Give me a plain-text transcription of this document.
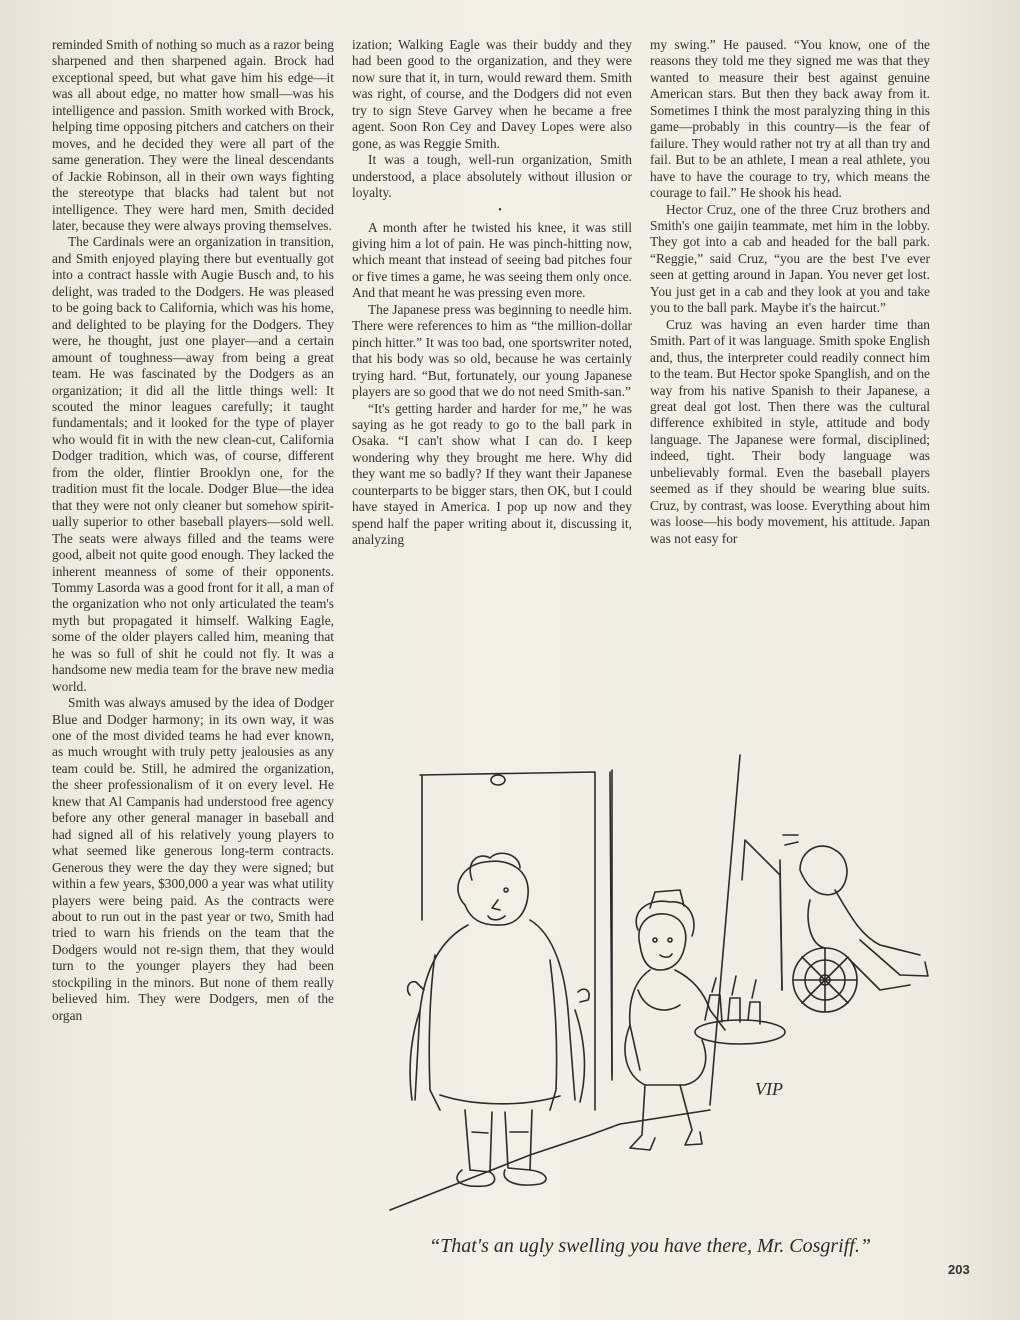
reminded Smith of nothing so much as a razor being sharpened and then sharpened again. Brock had exceptional speed, but what gave him his edge—it was all about edge, no matter how small—was his intelligence and passion. Smith worked with Brock, helping time opposing pitchers and catchers on their moves, and he decided they were all part of the same generation. They were the lineal descendants of Jackie Robinson, all in their own ways fighting the stereotype that blacks had talent but not intelligence. They were hard men, Smith decided later, because they were always proving themselves.

The Cardinals were an organization in transition, and Smith enjoyed playing there but eventually got into a contract hassle with Augie Busch and, to his delight, was traded to the Dodgers. He was pleased to be going back to California, which was his home, and delighted to be playing for the Dodgers. They were, he thought, just one player—and a certain amount of toughness—away from being a great team. He was fascinated by the Dodgers as an organization; it did all the little things well: It scouted the minor leagues carefully; it taught fundamentals; and it looked for the type of player who would fit in with the new clean-cut, California Dodger tradition, which was, of course, different from the older, flintier Brooklyn one, for the tradition must fit the locale. Dodger Blue—the idea that they were not only cleaner but somehow spiritually superior to other baseball players—sold well. The seats were always filled and the teams were good, albeit not quite good enough. They lacked the inherent meanness of some of their opponents. Tommy Lasorda was a good front for it all, a man of the organization who not only articulated the team's myth but propagated it himself. Walking Eagle, some of the older players called him, meaning that he was so full of shit he could not fly. It was a handsome new media team for the brave new media world.

Smith was always amused by the idea of Dodger Blue and Dodger harmony; in its own way, it was one of the most divided teams he had ever known, as much wrought with truly petty jealousies as any team could be. Still, he admired the organization, the sheer professionalism of it on every level. He knew that Al Campanis had understood free agency before any other general manager in baseball and had signed all of his relatively young players to what seemed like generous long-term contracts. Generous they were the day they were signed; but within a few years, $300,000 a year was what utility players were being paid. As the contracts were about to run out in the past year or two, Smith had tried to warn his friends on the team that the Dodgers would not re-sign them, that they would turn to the younger players they had been stockpiling in the minors. But none of them really believed him. They were Dodgers, men of the organ

ization; Walking Eagle was their buddy and they had been good to the organization, and they were now sure that it, in turn, would reward them. Smith was right, of course, and the Dodgers did not even try to sign Steve Garvey when he became a free agent. Soon Ron Cey and Davey Lopes were also gone, as was Reggie Smith.

It was a tough, well-run organization, Smith understood, a place absolutely without illusion or loyalty.

•

A month after he twisted his knee, it was still giving him a lot of pain. He was pinch-hitting now, which meant that instead of seeing bad pitches four or five times a game, he was seeing them only once. And that meant he was pressing even more.

The Japanese press was beginning to needle him. There were references to him as “the million-dollar pinch hitter.” It was too bad, one sportswriter noted, that his body was so old, because he was certainly trying hard. “But, fortunately, our young Japanese players are so good that we do not need Smith-san.”

“It's getting harder and harder for me,” he was saying as he got ready to go to the ball park in Osaka. “I can't show what I can do. I keep wondering why they brought me here. Why did they want me so badly? If they want their Japanese counterparts to be bigger stars, then OK, but I could have stayed in America. I pop up now and they spend half the paper writing about it, discussing it, analyzing

my swing.” He paused. “You know, one of the reasons they told me they signed me was that they wanted to measure their best against genuine American stars. But then they back away from it. Sometimes I think the most paralyzing thing in this game—probably in this country—is the fear of failure. They would rather not try at all than try and fail. But to be an athlete, I mean a real athlete, you have to have the courage to try, which means the courage to fail.” He shook his head.

Hector Cruz, one of the three Cruz brothers and Smith's one gaijin teammate, met him in the lobby. They got into a cab and headed for the ball park. “Reggie,” said Cruz, “you are the best I've ever seen at getting around in Japan. You never get lost. You just get in a cab and they look at you and take you to the ball park. Maybe it's the haircut.”

Cruz was having an even harder time than Smith. Part of it was language. Smith spoke English and, thus, the interpreter could readily connect him to the team. But Hector spoke Spanglish, and on the way from his native Spanish to their Japanese, a great deal got lost. Then there was the cultural difference exhibited in style, attitude and body language. The Japanese were formal, disciplined; indeed, tight. Their body language was unbelievably formal. Even the baseball players seemed as if they should be wearing blue suits. Cruz, by contrast, was loose. Everything about him was loose—his body movement, his attitude. Japan was not easy for

VIP
“That's an ugly swelling you have there, Mr. Cosgriff.”
203
